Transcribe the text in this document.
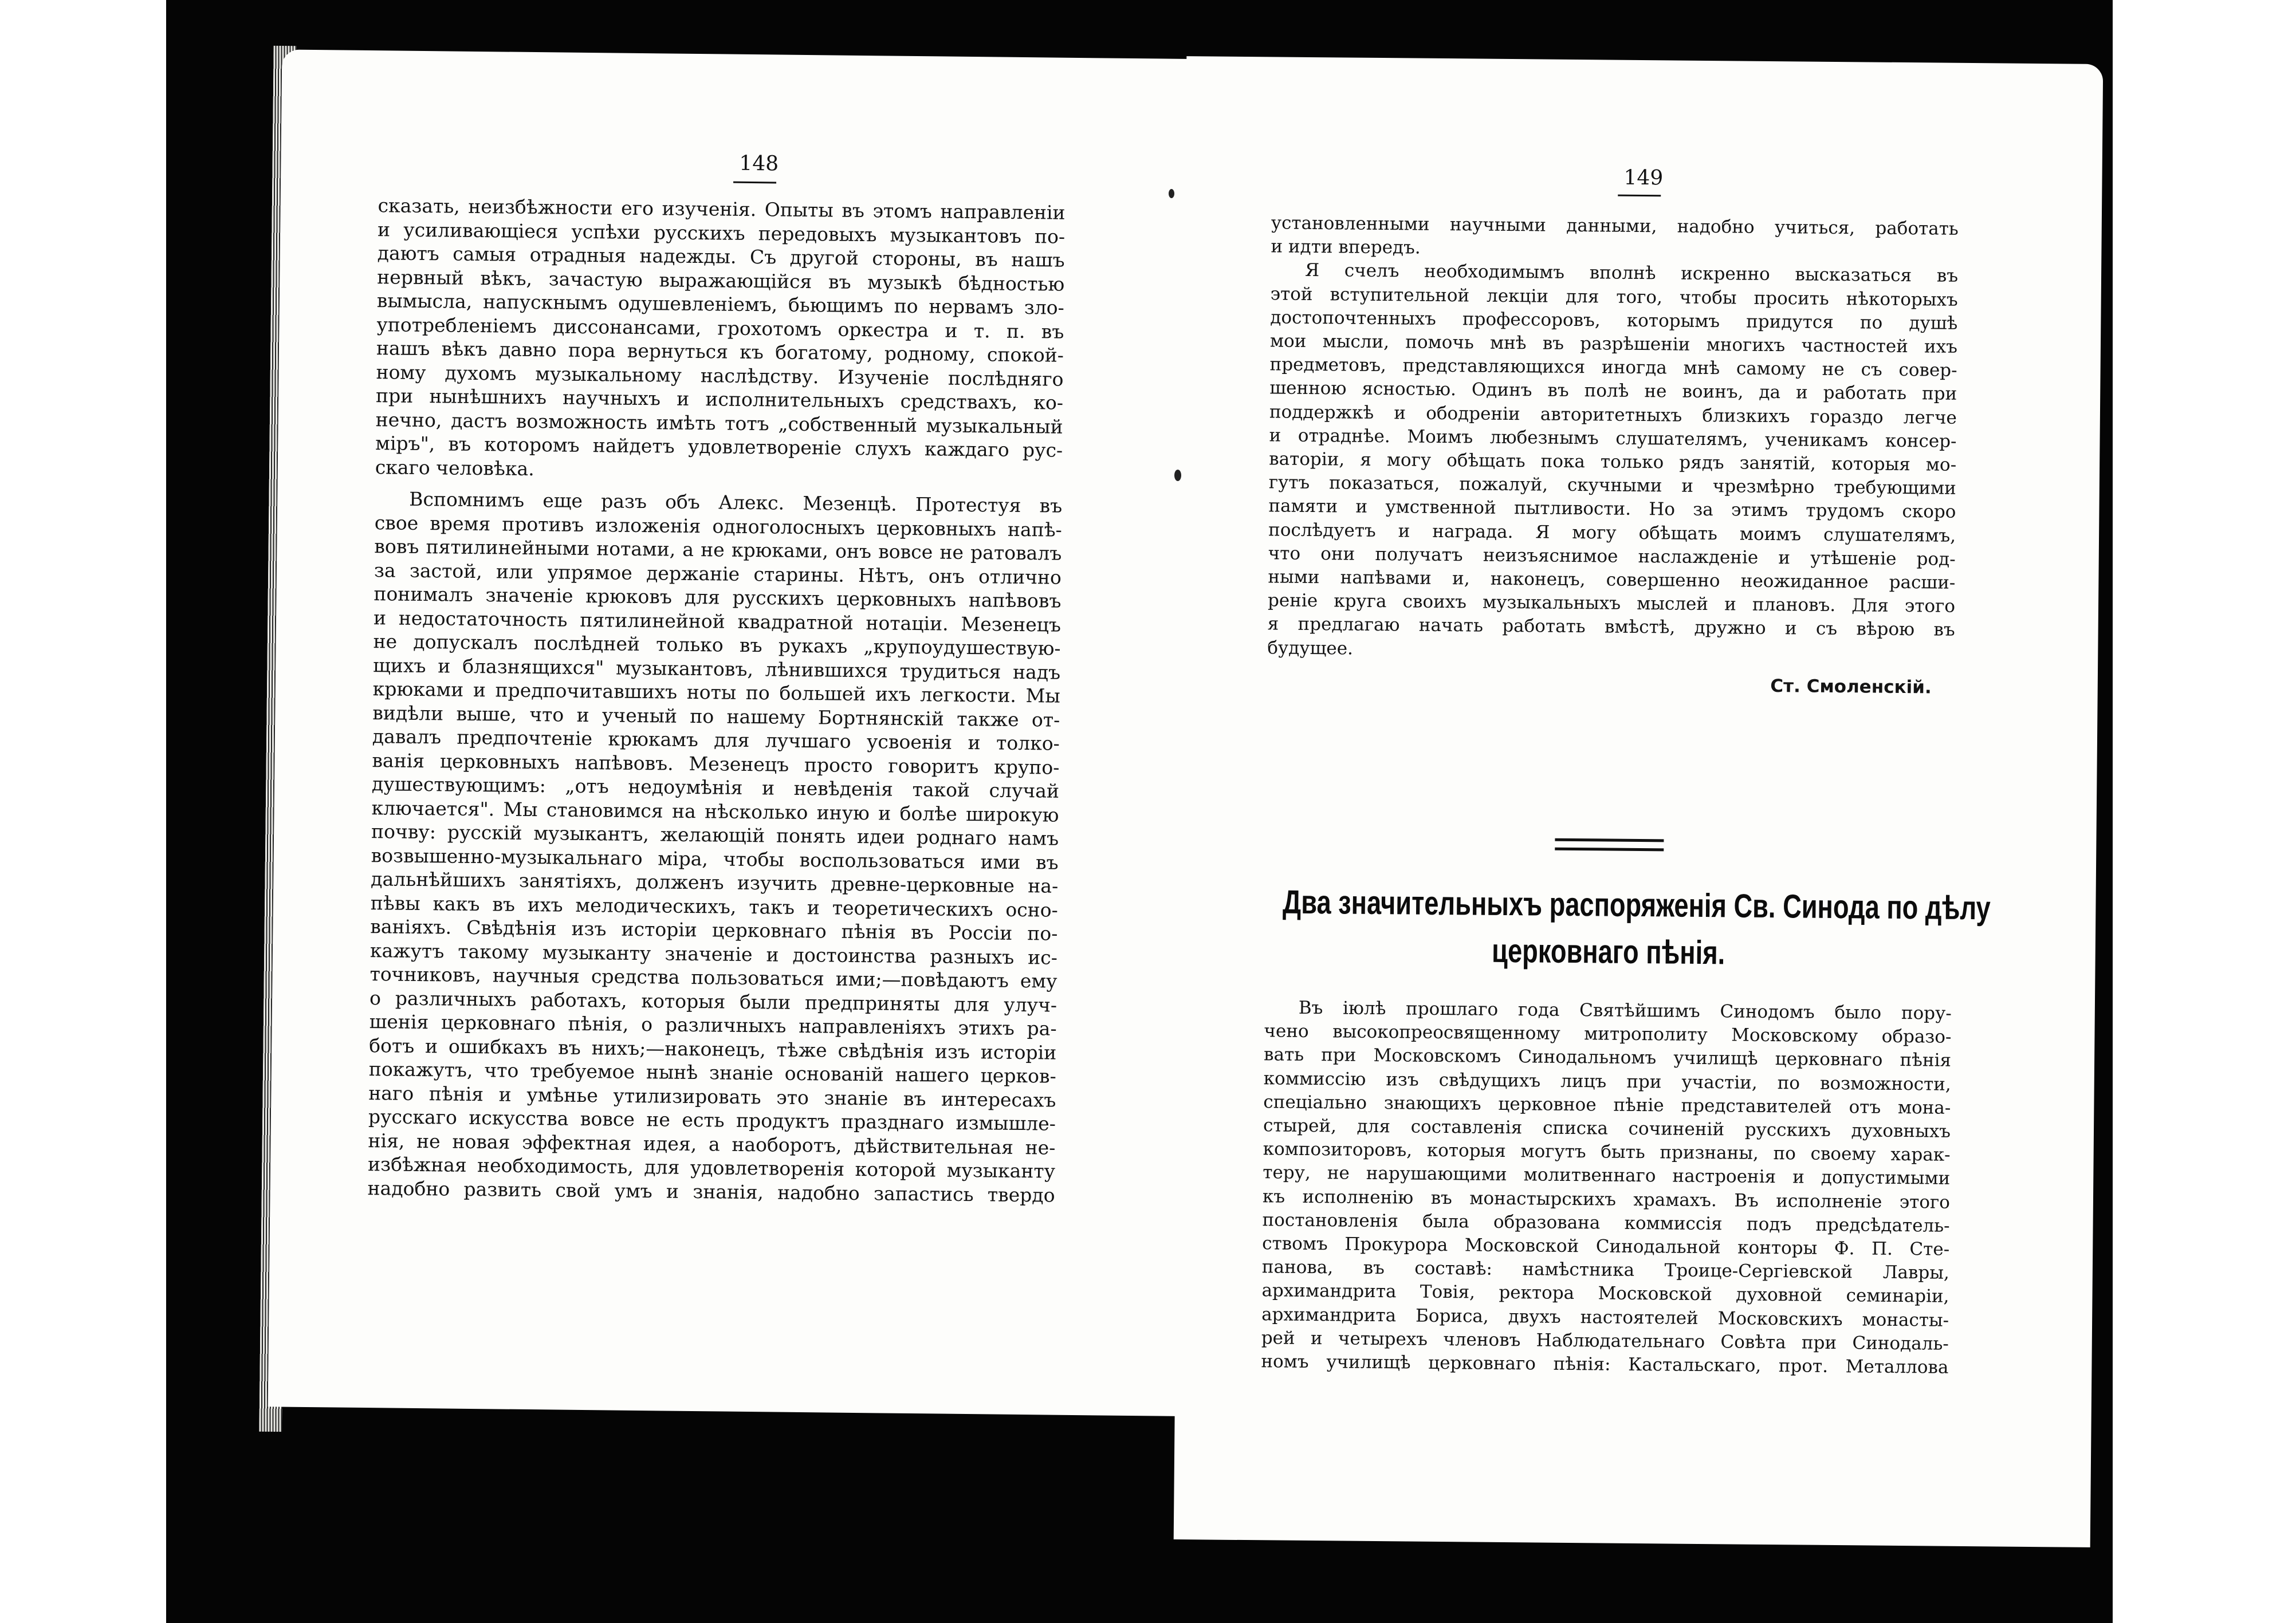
148
сказать, неизбѣжности его изученія. Опыты въ этомъ направленіи
и усиливающіеся успѣхи русскихъ передовыхъ музыкантовъ по-
даютъ самыя отрадныя надежды. Съ другой стороны, въ нашъ
нервный вѣкъ, зачастую выражающійся въ музыкѣ бѣдностью
вымысла, напускнымъ одушевленіемъ, бьющимъ по нервамъ зло-
употребленіемъ диссонансами, грохотомъ оркестра и т. п. въ
нашъ вѣкъ давно пора вернуться къ богатому, родному, спокой-
ному духомъ музыкальному наслѣдству. Изученіе послѣдняго
при нынѣшнихъ научныхъ и исполнительныхъ средствахъ, ко-
нечно, дастъ возможность имѣть тотъ „собственный музыкальный
міръ", въ которомъ найдетъ удовлетвореніе слухъ каждаго рус-
скаго человѣка.
Вспомнимъ еще разъ объ Алекс. Мезенцѣ. Протестуя въ
свое время противъ изложенія одноголосныхъ церковныхъ напѣ-
вовъ пятилинейными нотами, а не крюками, онъ вовсе не ратовалъ
за застой, или упрямое держаніе старины. Нѣтъ, онъ отлично
понималъ значеніе крюковъ для русскихъ церковныхъ напѣвовъ
и недостаточность пятилинейной квадратной нотаціи. Мезенецъ
не допускалъ послѣдней только въ рукахъ „крупоудушествую-
щихъ и блазнящихся" музыкантовъ, лѣнившихся трудиться надъ
крюками и предпочитавшихъ ноты по большей ихъ легкости. Мы
видѣли выше, что и ученый по нашему Бортнянскій также от-
давалъ предпочтеніе крюкамъ для лучшаго усвоенія и толко-
ванія церковныхъ напѣвовъ. Мезенецъ просто говоритъ крупо-
душествующимъ: „отъ недоумѣнія и невѣденія такой случай
ключается". Мы становимся на нѣсколько иную и болѣе широкую
почву: русскій музыкантъ, желающій понять идеи роднаго намъ
возвышенно-музыкальнаго міра, чтобы воспользоваться ими въ
дальнѣйшихъ занятіяхъ, долженъ изучить древне-церковные на-
пѣвы какъ въ ихъ мелодическихъ, такъ и теоретическихъ осно-
ваніяхъ. Свѣдѣнія изъ исторіи церковнаго пѣнія въ Россіи по-
кажутъ такому музыканту значеніе и достоинства разныхъ ис-
точниковъ, научныя средства пользоваться ими;—повѣдаютъ ему
о различныхъ работахъ, которыя были предприняты для улуч-
шенія церковнаго пѣнія, о различныхъ направленіяхъ этихъ ра-
ботъ и ошибкахъ въ нихъ;—наконецъ, тѣже свѣдѣнія изъ исторіи
покажутъ, что требуемое нынѣ знаніе основаній нашего церков-
наго пѣнія и умѣнье утилизировать это знаніе въ интересахъ
русскаго искусства вовсе не есть продуктъ празднаго измышле-
нія, не новая эффектная идея, а наоборотъ, дѣйствительная не-
избѣжная необходимость, для удовлетворенія которой музыканту
надобно развить свой умъ и знанія, надобно запастись твердо
149
установленными научными данными, надобно учиться, работать
и идти впередъ.
Я счелъ необходимымъ вполнѣ искренно высказаться въ
этой вступительной лекціи для того, чтобы просить нѣкоторыхъ
достопочтенныхъ профессоровъ, которымъ придутся по душѣ
мои мысли, помочь мнѣ въ разрѣшеніи многихъ частностей ихъ
предметовъ, представляющихся иногда мнѣ самому не съ совер-
шенною ясностью. Одинъ въ полѣ не воинъ, да и работать при
поддержкѣ и ободреніи авторитетныхъ близкихъ гораздо легче
и отраднѣе. Моимъ любезнымъ слушателямъ, ученикамъ консер-
ваторіи, я могу обѣщать пока только рядъ занятій, которыя мо-
гутъ показаться, пожалуй, скучными и чрезмѣрно требующими
памяти и умственной пытливости. Но за этимъ трудомъ скоро
послѣдуетъ и награда. Я могу обѣщать моимъ слушателямъ,
что они получатъ неизъяснимое наслажденіе и утѣшеніе род-
ными напѣвами и, наконецъ, совершенно неожиданное расши-
реніе круга своихъ музыкальныхъ мыслей и плановъ. Для этого
я предлагаю начать работать вмѣстѣ, дружно и съ вѣрою въ
будущее.
Ст. Смоленскій.
Два значительныхъ распоряженія Св. Синода по дѣлу
церковнаго пѣнія.
Въ іюлѣ прошлаго года Святѣйшимъ Синодомъ было пору-
чено высокопреосвященному митрополиту Московскому образо-
вать при Московскомъ Синодальномъ училищѣ церковнаго пѣнія
коммиссію изъ свѣдущихъ лицъ при участіи, по возможности,
спеціально знающихъ церковное пѣніе представителей отъ мона-
стырей, для составленія списка сочиненій русскихъ духовныхъ
композиторовъ, которыя могутъ быть признаны, по своему харак-
теру, не нарушающими молитвеннаго настроенія и допустимыми
къ исполненію въ монастырскихъ храмахъ. Въ исполненіе этого
постановленія была образована коммиссія подъ предсѣдатель-
ствомъ Прокурора Московской Синодальной конторы Ф. П. Сте-
панова, въ составѣ: намѣстника Троице-Сергіевской Лавры,
архимандрита Товія, ректора Московской духовной семинаріи,
архимандрита Бориса, двухъ настоятелей Московскихъ монасты-
рей и четырехъ членовъ Наблюдательнаго Совѣта при Синодаль-
номъ училищѣ церковнаго пѣнія: Кастальскаго, прот. Металлова
